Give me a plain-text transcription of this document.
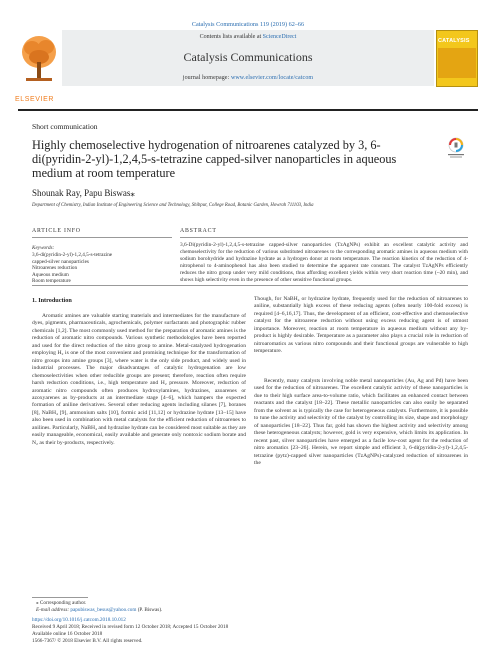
Catalysis Communications 119 (2019) 62–66
Contents lists available at ScienceDirect
Catalysis Communications
journal homepage: www.elsevier.com/locate/catcom
ELSEVIER
CATALYSIS
Short communication
Highly chemoselective hydrogenation of nitroarenes catalyzed by 3, 6-di(pyridin-2-yl)-1,2,4,5-s-tetrazine capped-silver nanoparticles in aqueous medium at room temperature
Shounak Ray, Papu Biswas⁎
Department of Chemistry, Indian Institute of Engineering Science and Technology, Shibpur, College Road, Botanic Garden, Howrah 711103, India
ARTICLE INFO	ABSTRACT
Keywords:
3,6-di(pyridin-2-yl)-1,2,4,5-s-tetrazine
capped-silver nanoparticles
Nitroarenes reduction
Aqueous medium
Room temperature
3,6-Di(pyridin-2-yl)-1,2,4,5-s-tetrazine capped-silver nanoparticles (TzAgNPs) exhibit an excellent catalytic activity and chemoselectivity for the reduction of various substituted nitroarenes to the corresponding aromatic amines in aqueous medium with sodium borohydride and hydrazine hydrate as a hydrogen donor at room temperature. The reaction kinetics of the reduction of 4-nitrophenol to 4-aminophenol has also been studied to determine the apparent rate constant. The catalyst TzAgNPs efficiently reduces the nitro group under very mild conditions, thus affording excellent yields within very short reaction time (~20 min), and shows high selectivity even in the presence of other sensitive functional groups.
1. Introduction
Aromatic amines are valuable starting materials and intermediates for the manufacture of dyes, pigments, pharmaceuticals, agrochemicals, polymer surfactants and photographic rubber chemicals [1,2]. The most commonly used method for the preparation of aromatic amines is the reduction of aromatic nitro compounds. Various synthetic methodologies have been reported and used for the direct reduction of the nitro group to amine. Metal-catalyzed hydrogenation employing H₂ is one of the most convenient and promising technique for the transformation of nitro groups into amine groups [3], where water is the only side product, and widely used in industrial processes. The major disadvantages of catalytic hydrogenation are low chemoselectivities when other reducible groups are present; therefore, reaction often require harsh reduction conditions, i.e., high temperature and H₂ pressure. Moreover, reduction of aromatic nitro compounds often produces hydroxylamines, hydrazines, azoarenes or azoxyarenes as by-products at an intermediate stage [4–6], which hampers the expected formation of aniline derivatives. Several other reducing agents including silanes [7], boranes [8], NaBH₄ [9], ammonium salts [10], formic acid [11,12] or hydrazine hydrate [13–15] have also been used in combination with metal catalysts for the efficient reduction of nitroarenes to anilines. Particularly, NaBH₄ and hydrazine hydrate can be considered most suitable as they are easily manageable, economical, easily available and generate only nontoxic sodium borate and N₂ as their by-products, respectively.
Though, for NaBH₄ or hydrazine hydrate, frequently used for the reduction of nitroarenes to aniline, substantially high excess of these reducing agents (often nearly 100-fold excess) is required [4–6,16,17]. Thus, the development of an efficient, cost-effective and chemoselective catalyst for the nitroarene reduction without using excess reducing agent is of utmost importance. Moreover, reaction at room temperature in aqueous medium without any by-product is highly desirable. Temperature as a parameter also plays a crucial role in reduction of nitroaromatics as various nitro compounds and their functional groups are vulnerable to high temperature.
Recently, many catalysts involving noble metal nanoparticles (Au, Ag and Pd) have been used for the reduction of nitroarenes. The excellent catalytic activity of these nanoparticles is due to their high surface area-to-volume ratio, which facilitates an enhanced contact between reactants and the catalyst [18–22]. These metallic nanoparticles can also easily be separated from the solvent as is typically the case for heterogeneous catalysts. Furthermore, it is possible to tune the activity and selectivity of the catalyst by controlling its size, shape and morphology of nanoparticles [18–22]. Thus far, gold has shown the highest activity and selectivity among these heterogeneous catalysts; however, gold is very expensive, which limits its application. In recent past, silver nanoparticles have emerged as a facile low-cost agent for the reduction of nitro aromatics [23–26]. Herein, we report simple and efficient 3, 6-di(pyridin-2-yl)-1,2,4,5-tetrazine (pytz)-capped silver nanoparticles (TzAgNPs)-catalyzed reduction of nitroarenes in the
⁎ Corresponding author.
E-mail address: papubiswas_besus@yahoo.com (P. Biswas).
https://doi.org/10.1016/j.catcom.2018.10.012
Received 9 April 2018; Received in revised form 12 October 2018; Accepted 15 October 2018
Available online 16 October 2018
1566-7367/ © 2018 Elsevier B.V. All rights reserved.
